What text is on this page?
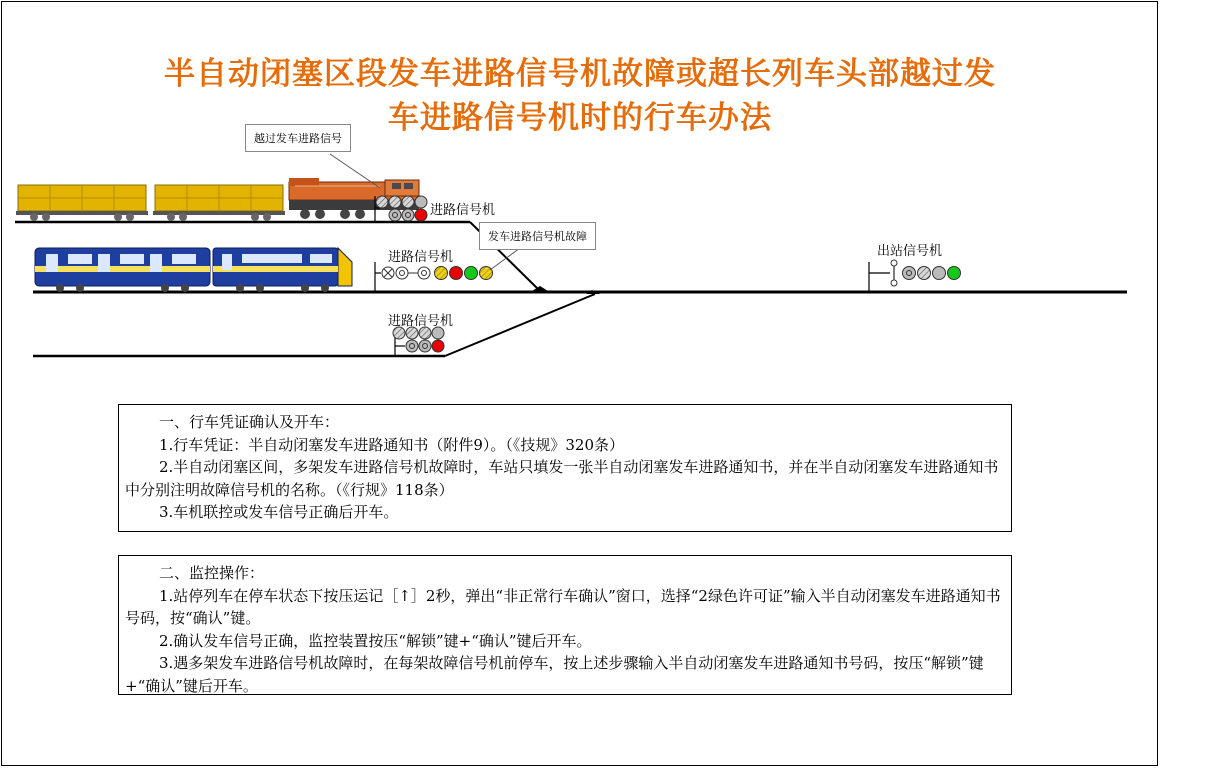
半自动闭塞区段发车进路信号机故障或超长列车头部越过发
车进路信号机时的行车办法
越过发车进路信号
发车进路信号机故障
进路信号机
进路信号机
进路信号机
出站信号机

一、行车凭证确认及开车：

1.行车凭证：半自动闭塞发车进路通知书（附件9）。（《技规》320条）

2.半自动闭塞区间，多架发车进路信号机故障时，车站只填发一张半自动闭塞发车进路通知书，并在半自动闭塞发车进路通知书中分别注明故障信号机的名称。（《行规》118条）

3.车机联控或发车信号正确后开车。

二、监控操作：

1.站停列车在停车状态下按压运记［↑］2秒，弹出“非正常行车确认”窗口，选择“2绿色许可证”输入半自动闭塞发车进路通知书号码，按“确认”键。

2.确认发车信号正确，监控装置按压“解锁”键+“确认”键后开车。

3.遇多架发车进路信号机故障时，在每架故障信号机前停车，按上述步骤输入半自动闭塞发车进路通知书号码，按压“解锁”键+“确认”键后开车。
